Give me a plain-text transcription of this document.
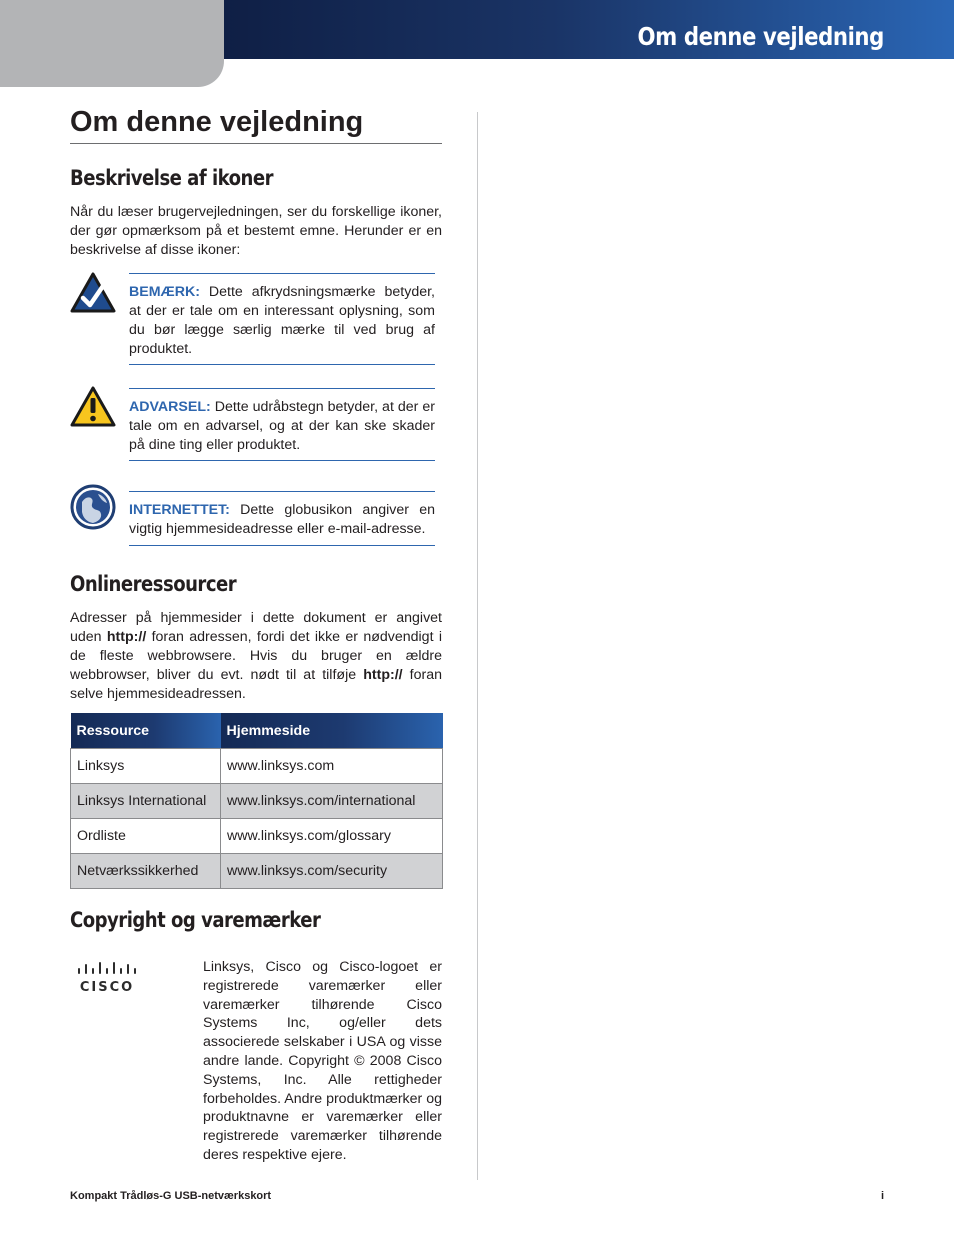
Om denne vejledning
Om denne vejledning
Beskrivelse af ikoner

Når du læser brugervejledningen, ser du forskellige ikoner, der gør opmærksom på et bestemt emne. Herunder er en beskrivelse af disse ikoner:

BEMÆRK: Dette afkrydsningsmærke betyder, at der er tale om en interessant oplysning, som du bør lægge særlig mærke til ved brug af produktet.
ADVARSEL: Dette udråbstegn betyder, at der er tale om en advarsel, og at der kan ske skader på dine ting eller produktet.
INTERNETTET: Dette globusikon angiver en vigtig hjemmesideadresse eller e-mail-adresse.
Onlineressourcer

Adresser på hjemmesider i dette dokument er angivet uden http:// foran adressen, fordi det ikke er nødvendigt i de fleste webbrowsere. Hvis du bruger en ældre webbrowser, bliver du evt. nødt til at tilføje http:// foran selve hjemmesideadressen.

Ressource	Hjemmeside
Linksys	www.linksys.com
Linksys International	www.linksys.com/international
Ordliste	www.linksys.com/glossary
Netværkssikkerhed	www.linksys.com/security
Copyright og varemærker
CISCO

Linksys, Cisco og Cisco-logoet er registrerede varemærker eller varemærker tilhørende Cisco Systems Inc, og/eller dets associerede selskaber i USA og visse andre lande. Copyright © 2008 Cisco Systems, Inc. Alle rettigheder forbeholdes. Andre produktmærker og produktnavne er varemærker eller registrerede varemærker tilhørende deres respektive ejere.

Kompakt Trådløs-G USB-netværkskort	i
